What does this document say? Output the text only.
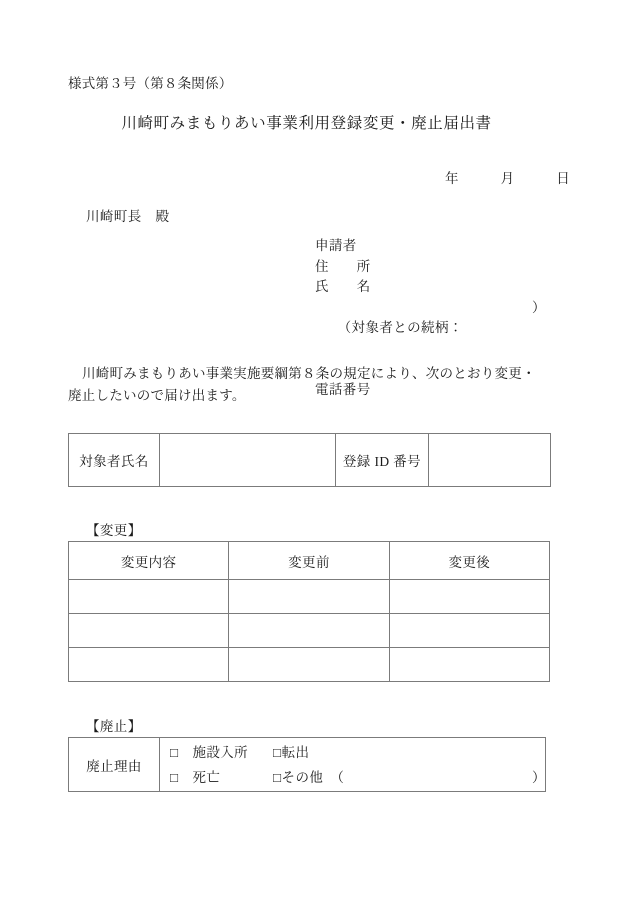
様式第３号（第８条関係）
川崎町みまもりあい事業利用登録変更・廃止届出書
年　　　月　　　日
川崎町長　殿
申請者
住　　所
氏　　名

（対象者との続柄：

）

電話番号
川崎町みまもりあい事業実施要綱第８条の規定により、次のとおり変更・廃止したいので届け出ます。
対象者氏名		登録 ID 番号	
【変更】
変更内容	変更前	変更後

【廃止】
廃止理由	
□　施設入所 □転出
□　死亡	□その他　（	）
